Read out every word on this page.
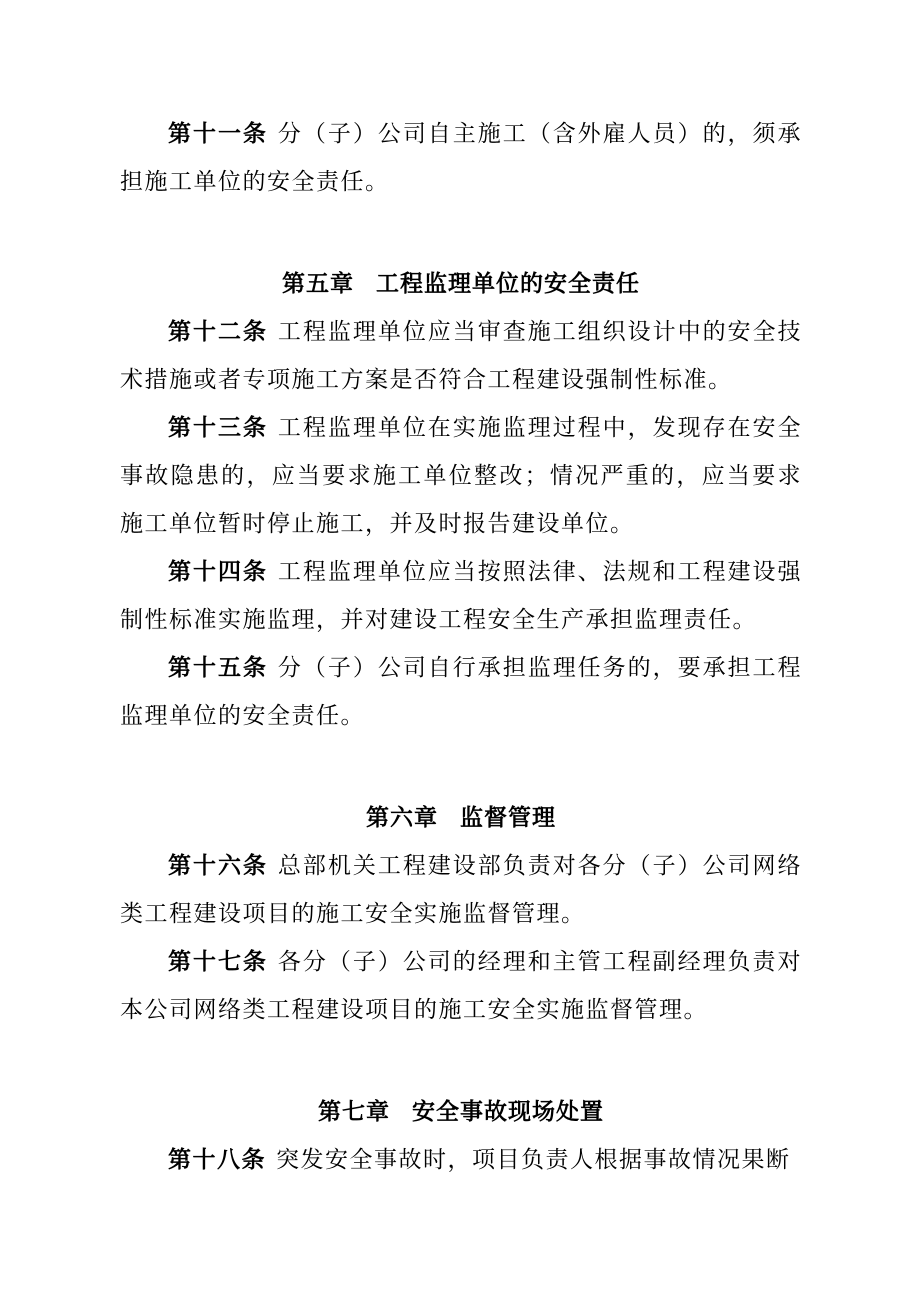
第十一条 分（子）公司自主施工（含外雇人员）的，须承担施工单位的安全责任。

第五章 工程监理单位的安全责任

第十二条 工程监理单位应当审查施工组织设计中的安全技术措施或者专项施工方案是否符合工程建设强制性标准。

第十三条 工程监理单位在实施监理过程中，发现存在安全事故隐患的，应当要求施工单位整改；情况严重的，应当要求施工单位暂时停止施工，并及时报告建设单位。

第十四条 工程监理单位应当按照法律、法规和工程建设强制性标准实施监理，并对建设工程安全生产承担监理责任。

第十五条 分（子）公司自行承担监理任务的，要承担工程监理单位的安全责任。

第六章 监督管理

第十六条 总部机关工程建设部负责对各分（子）公司网络类工程建设项目的施工安全实施监督管理。

第十七条 各分（子）公司的经理和主管工程副经理负责对本公司网络类工程建设项目的施工安全实施监督管理。

第七章 安全事故现场处置

第十八条 突发安全事故时，项目负责人根据事故情况果断
